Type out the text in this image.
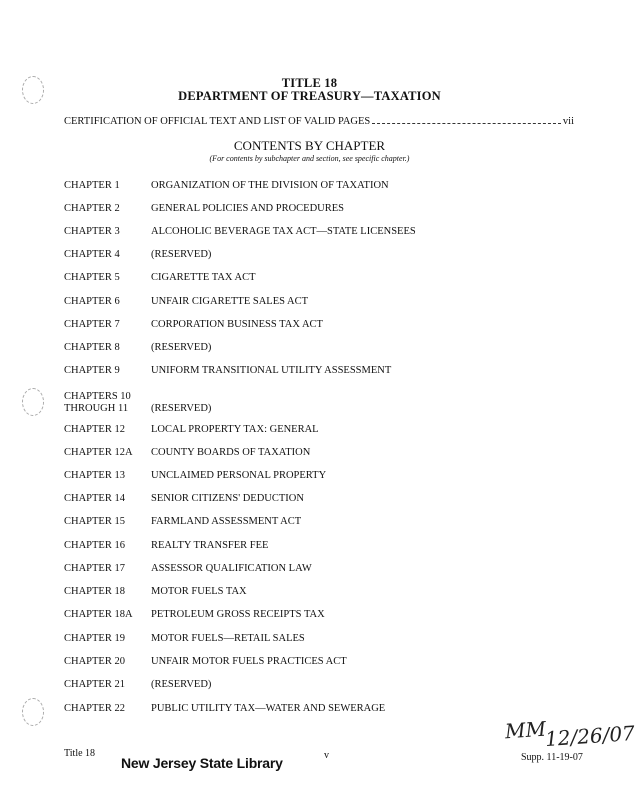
TITLE 18
DEPARTMENT OF TREASURY—TAXATION
CERTIFICATION OF OFFICIAL TEXT AND LIST OF VALID PAGES	vii
CONTENTS BY CHAPTER
(For contents by subchapter and section, see specific chapter.)
CHAPTER 1	ORGANIZATION OF THE DIVISION OF TAXATION
CHAPTER 2	GENERAL POLICIES AND PROCEDURES
CHAPTER 3	ALCOHOLIC BEVERAGE TAX ACT—STATE LICENSEES
CHAPTER 4	(RESERVED)
CHAPTER 5	CIGARETTE TAX ACT
CHAPTER 6	UNFAIR CIGARETTE SALES ACT
CHAPTER 7	CORPORATION BUSINESS TAX ACT
CHAPTER 8	(RESERVED)
CHAPTER 9	UNIFORM TRANSITIONAL UTILITY ASSESSMENT
CHAPTERS 10
THROUGH 11 (RESERVED)
CHAPTER 12 LOCAL PROPERTY TAX: GENERAL
CHAPTER 12A COUNTY BOARDS OF TAXATION
CHAPTER 13 UNCLAIMED PERSONAL PROPERTY
CHAPTER 14 SENIOR CITIZENS' DEDUCTION
CHAPTER 15 FARMLAND ASSESSMENT ACT
CHAPTER 16 REALTY TRANSFER FEE
CHAPTER 17 ASSESSOR QUALIFICATION LAW
CHAPTER 18 MOTOR FUELS TAX
CHAPTER 18A PETROLEUM GROSS RECEIPTS TAX
CHAPTER 19 MOTOR FUELS—RETAIL SALES
CHAPTER 20 UNFAIR MOTOR FUELS PRACTICES ACT
CHAPTER 21 (RESERVED)
CHAPTER 22 PUBLIC UTILITY TAX—WATER AND SEWERAGE
MM
12/26/07
Title 18
New Jersey State Library	v	Supp. 11-19-07
